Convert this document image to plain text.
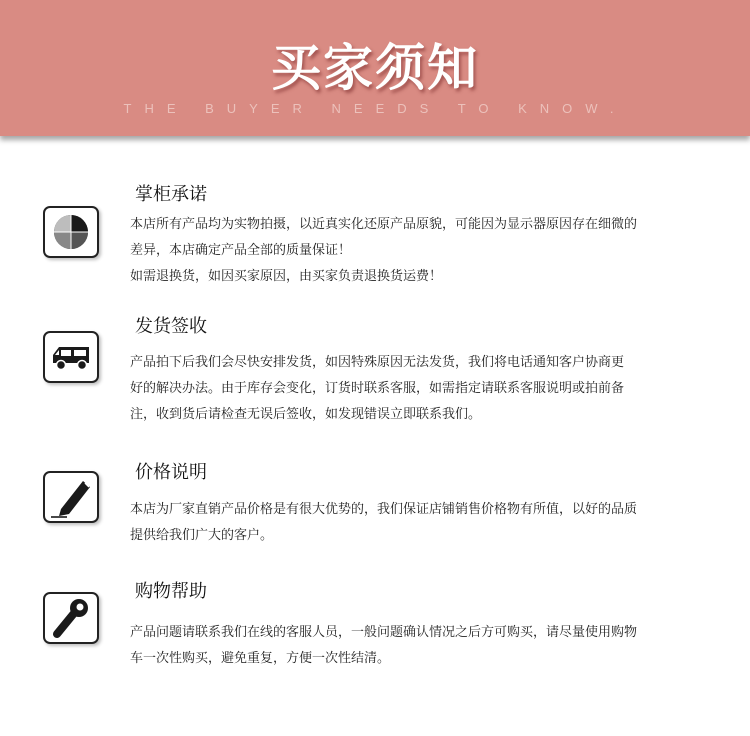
买家须知
THE BUYER NEEDS TO KNOW.
掌柜承诺

本店所有产品均为实物拍摄，以近真实化还原产品原貌，可能因为显示器原因存在细微的

差异，本店确定产品全部的质量保证！

如需退换货，如因买家原因，由买家负责退换货运费！

发货签收

产品拍下后我们会尽快安排发货，如因特殊原因无法发货，我们将电话通知客户协商更

好的解决办法。由于库存会变化，订货时联系客服，如需指定请联系客服说明或拍前备

注，收到货后请检查无误后签收，如发现错误立即联系我们。

价格说明

本店为厂家直销产品价格是有很大优势的，我们保证店铺销售价格物有所值，以好的品质

提供给我们广大的客户。

购物帮助

产品问题请联系我们在线的客服人员，一般问题确认情况之后方可购买，请尽量使用购物

车一次性购买，避免重复，方便一次性结清。
